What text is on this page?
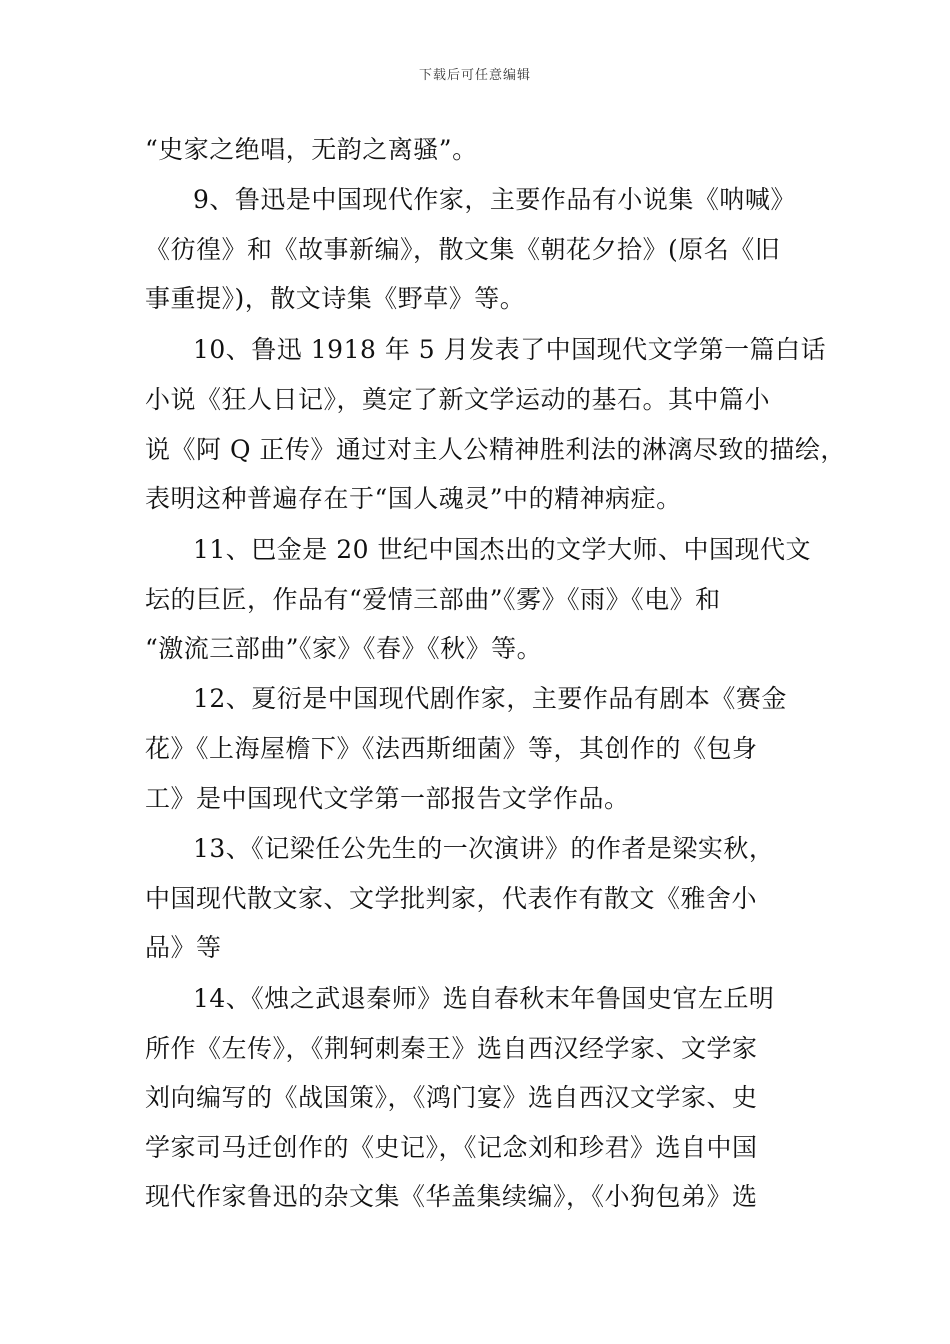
下载后可任意编辑
“史家之绝唱，无韵之离骚”。
9、鲁迅是中国现代作家，主要作品有小说集《呐喊》
《彷徨》和《故事新编》，散文集《朝花夕拾》(原名《旧
事重提》)，散文诗集《野草》等。
10、鲁迅 1918 年 5 月发表了中国现代文学第一篇白话
小说《狂人日记》，奠定了新文学运动的基石。其中篇小
说《阿 Q 正传》通过对主人公精神胜利法的淋漓尽致的描绘，
表明这种普遍存在于“国人魂灵”中的精神病症。
11、巴金是 20 世纪中国杰出的文学大师、中国现代文
坛的巨匠，作品有“爱情三部曲”《雾》《雨》《电》和
“激流三部曲”《家》《春》《秋》等。
12、夏衍是中国现代剧作家，主要作品有剧本《赛金
花》《上海屋檐下》《法西斯细菌》等，其创作的《包身
工》是中国现代文学第一部报告文学作品。
13、《记梁任公先生的一次演讲》的作者是梁实秋，
中国现代散文家、文学批判家，代表作有散文《雅舍小
品》等
14、《烛之武退秦师》选自春秋末年鲁国史官左丘明
所作《左传》，《荆轲刺秦王》选自西汉经学家、文学家
刘向编写的《战国策》，《鸿门宴》选自西汉文学家、史
学家司马迁创作的《史记》，《记念刘和珍君》选自中国
现代作家鲁迅的杂文集《华盖集续编》，《小狗包弟》选
